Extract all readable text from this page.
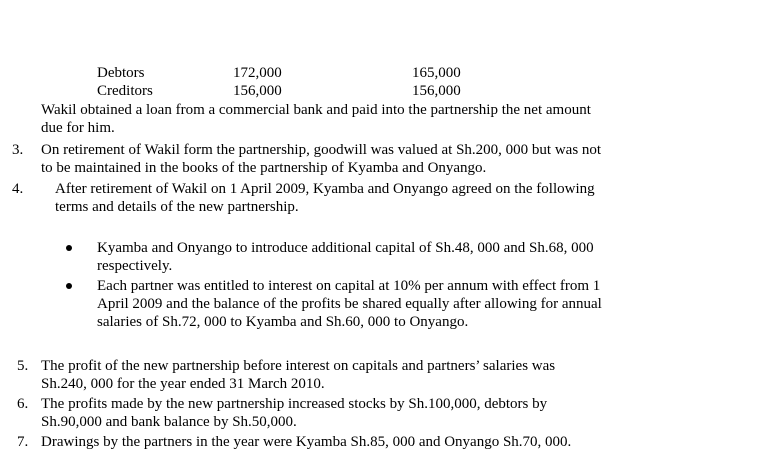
Debtors	172,000	165,000
Creditors	156,000	156,000
Wakil obtained a loan from a commercial bank and paid into the partnership the net amount
due for him.
3. On retirement of Wakil form the partnership, goodwill was valued at Sh.200, 000 but was not
to be maintained in the books of the partnership of Kyamba and Onyango.
4. After retirement of Wakil on 1 April 2009, Kyamba and Onyango agreed on the following
terms and details of the new partnership.
Kyamba and Onyango to introduce additional capital of Sh.48, 000 and Sh.68, 000
respectively.
Each partner was entitled to interest on capital at 10% per annum with effect from 1
April 2009 and the balance of the profits be shared equally after allowing for annual
salaries of Sh.72, 000 to Kyamba and Sh.60, 000 to Onyango.
5. The profit of the new partnership before interest on capitals and partners’ salaries was
Sh.240, 000 for the year ended 31 March 2010.
6. The profits made by the new partnership increased stocks by Sh.100,000, debtors by
Sh.90,000 and bank balance by Sh.50,000.
7. Drawings by the partners in the year were Kyamba Sh.85, 000 and Onyango Sh.70, 000.
